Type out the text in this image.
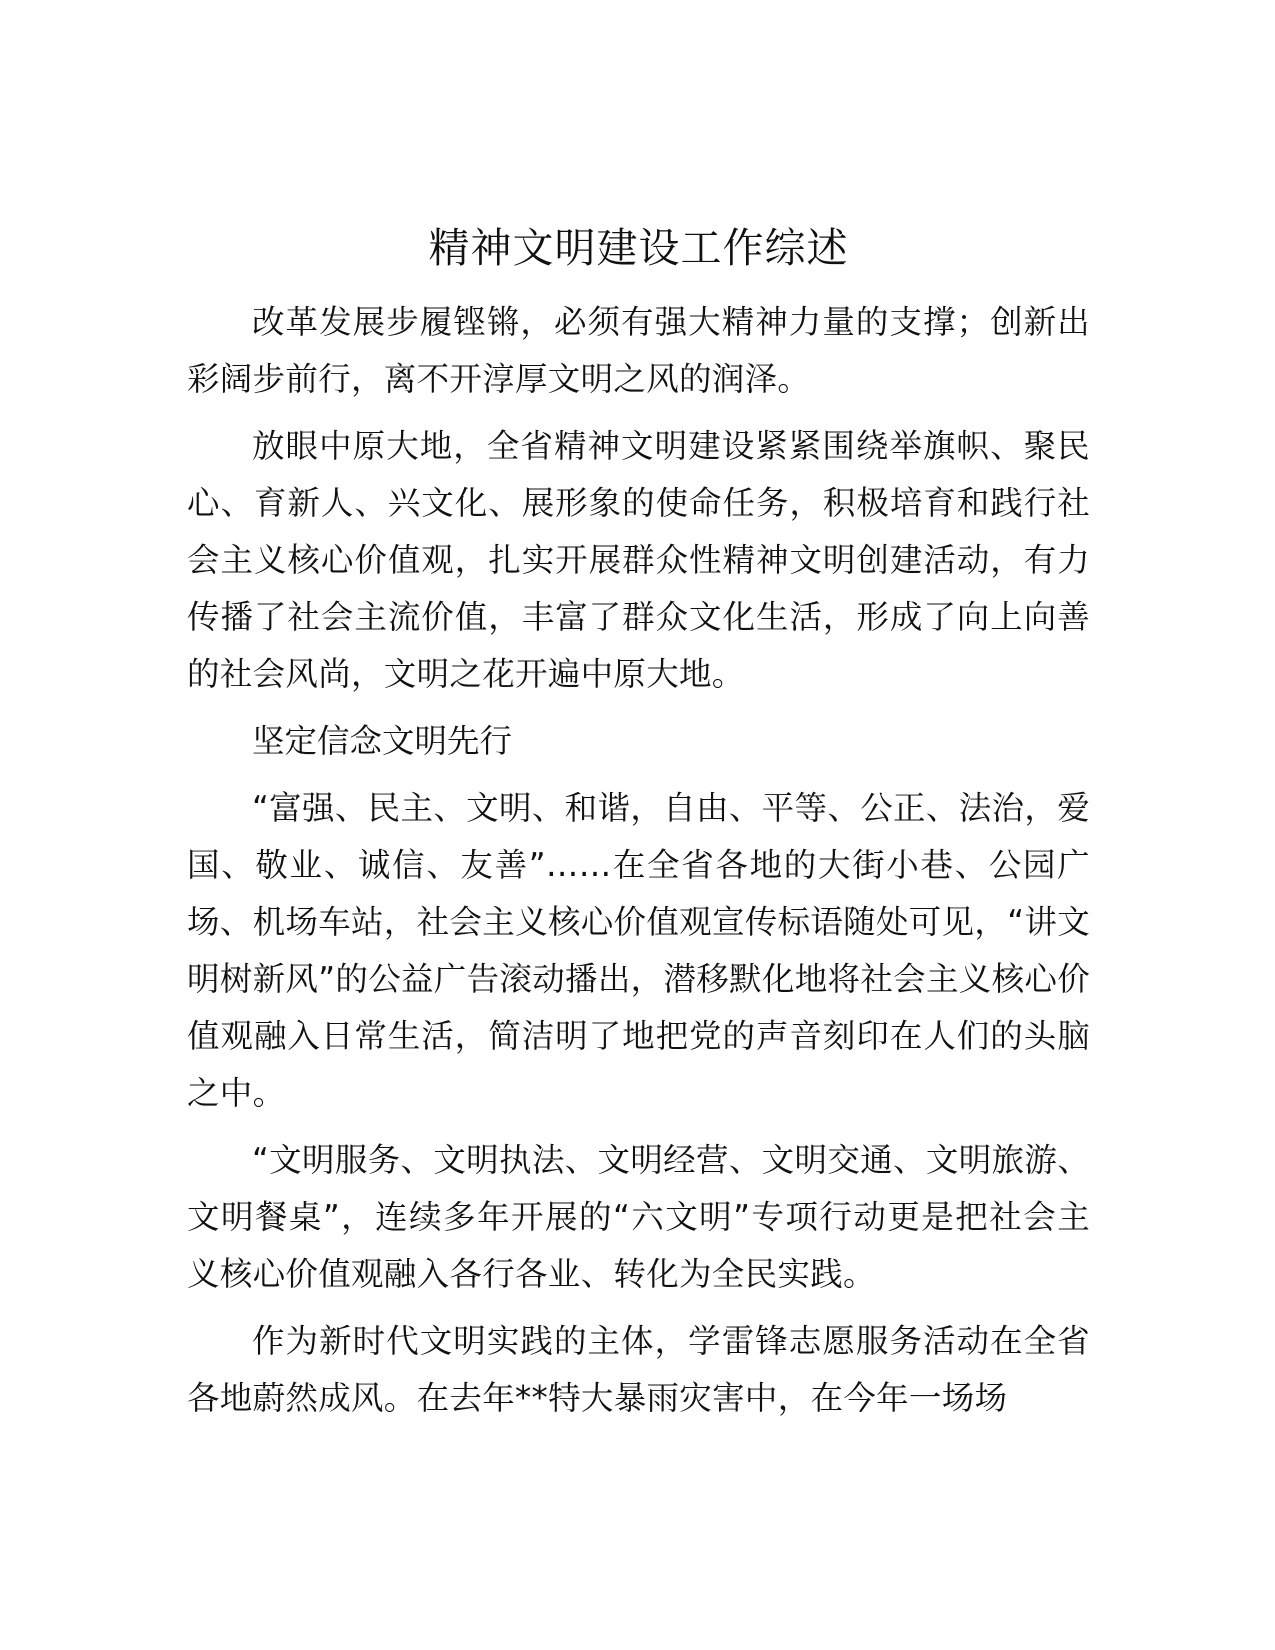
精神文明建设工作综述

改革发展步履铿锵，必须有强大精神力量的支撑；创新出彩阔步前行，离不开淳厚文明之风的润泽。

放眼中原大地，全省精神文明建设紧紧围绕举旗帜、聚民心、育新人、兴文化、展形象的使命任务，积极培育和践行社会主义核心价值观，扎实开展群众性精神文明创建活动，有力传播了社会主流价值，丰富了群众文化生活，形成了向上向善的社会风尚，文明之花开遍中原大地。

坚定信念文明先行

“富强、民主、文明、和谐，自由、平等、公正、法治，爱国、敬业、诚信、友善”……在全省各地的大街小巷、公园广场、机场车站，社会主义核心价值观宣传标语随处可见，“讲文明树新风”的公益广告滚动播出，潜移默化地将社会主义核心价值观融入日常生活，简洁明了地把党的声音刻印在人们的头脑之中。

“文明服务、文明执法、文明经营、文明交通、文明旅游、文明餐桌”，连续多年开展的“六文明”专项行动更是把社会主义核心价值观融入各行各业、转化为全民实践。

作为新时代文明实践的主体，学雷锋志愿服务活动在全省各地蔚然成风。在去年**特大暴雨灾害中，在今年一场场
